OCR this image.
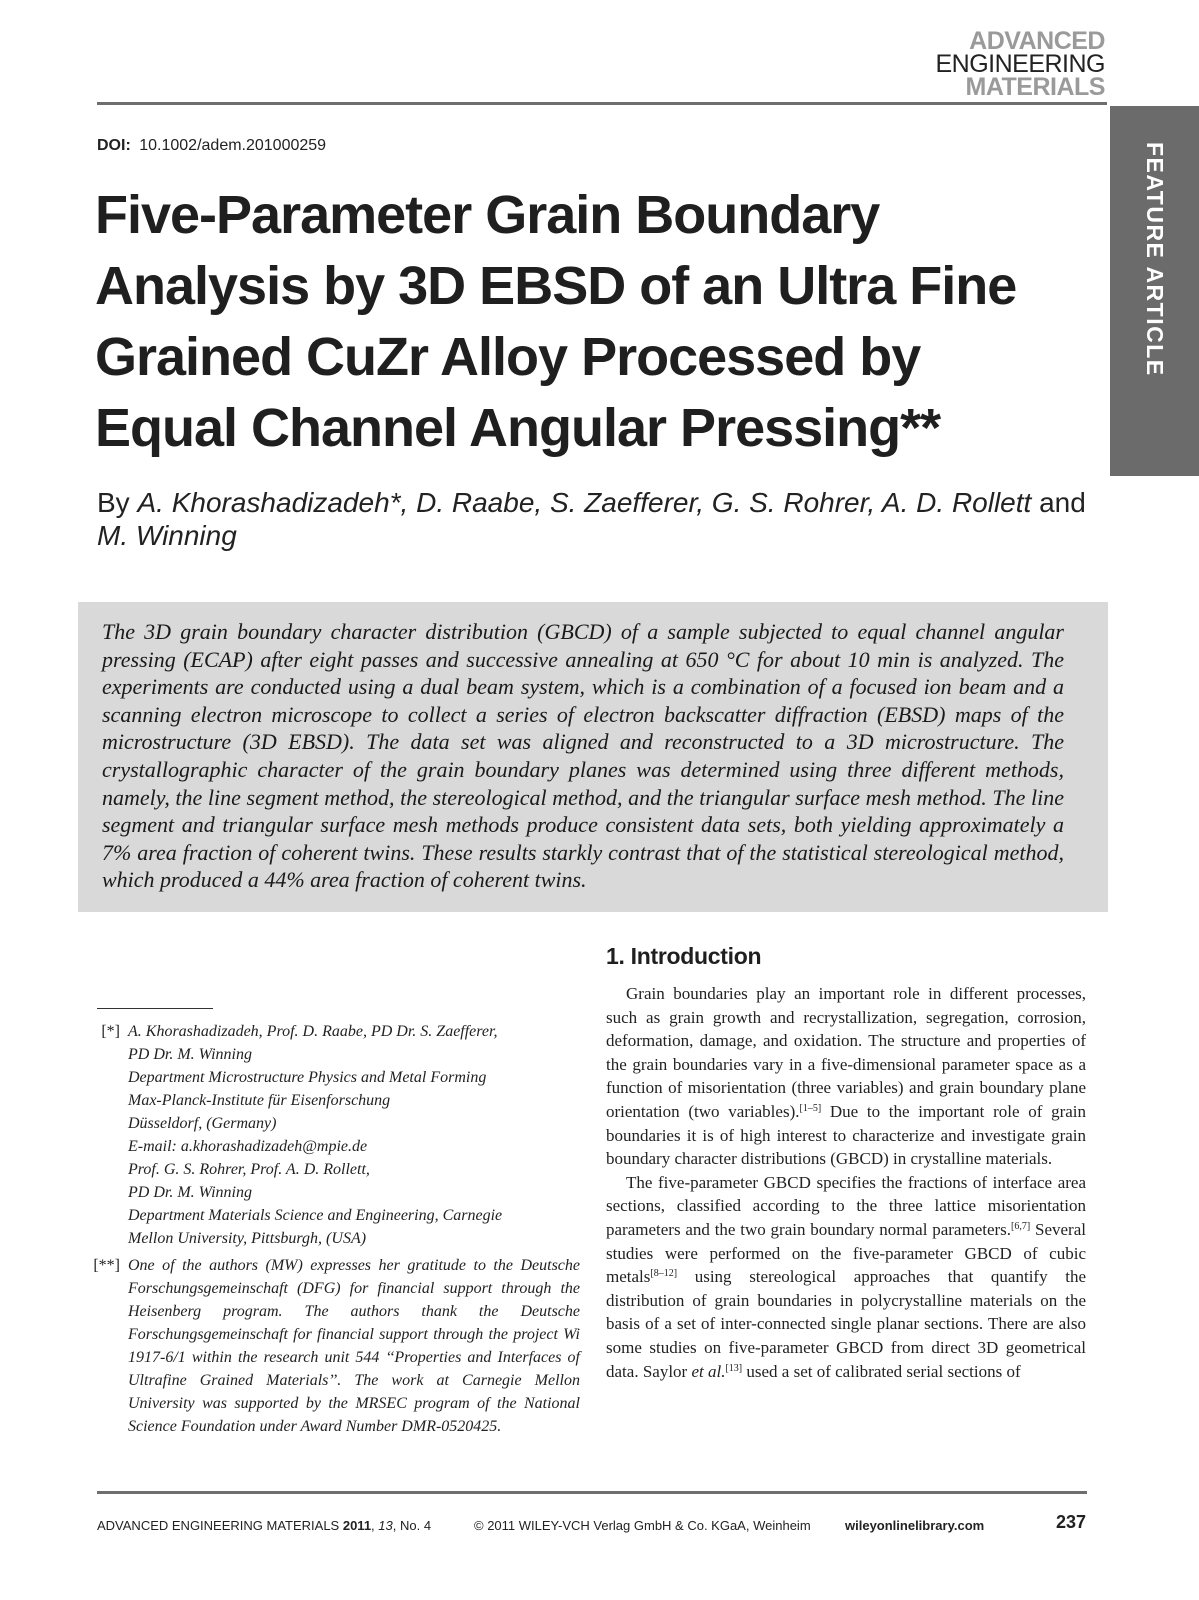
ADVANCED
ENGINEERING
MATERIALS
FEATURE ARTICLE
DOI: 10.1002/adem.201000259
Five-Parameter Grain Boundary
Analysis by 3D EBSD of an Ultra Fine
Grained CuZr Alloy Processed by
Equal Channel Angular Pressing**
By A. Khorashadizadeh*, D. Raabe, S. Zaefferer, G. S. Rohrer, A. D. Rollett and
M. Winning

The 3D grain boundary character distribution (GBCD) of a sample subjected to equal channel angular pressing (ECAP) after eight passes and successive annealing at 650 °C for about 10 min is analyzed. The experiments are conducted using a dual beam system, which is a combination of a focused ion beam and a scanning electron microscope to collect a series of electron backscatter diffraction (EBSD) maps of the microstructure (3D EBSD). The data set was aligned and reconstructed to a 3D microstructure. The crystallographic character of the grain boundary planes was determined using three different methods, namely, the line segment method, the stereological method, and the triangular surface mesh method. The line segment and triangular surface mesh methods produce consistent data sets, both yielding approximately a 7% area fraction of coherent twins. These results starkly contrast that of the statistical stereological method, which produced a 44% area fraction of coherent twins.

[*] A. Khorashadizadeh, Prof. D. Raabe, PD Dr. S. Zaefferer,
PD Dr. M. Winning
Department Microstructure Physics and Metal Forming
Max-Planck-Institute für Eisenforschung
Düsseldorf, (Germany)
E-mail: a.khorashadizadeh@mpie.de
Prof. G. S. Rohrer, Prof. A. D. Rollett,
PD Dr. M. Winning
Department Materials Science and Engineering, Carnegie
Mellon University, Pittsburgh, (USA)
[**] One of the authors (MW) expresses her gratitude to the Deutsche Forschungsgemeinschaft (DFG) for financial support through the Heisenberg program. The authors thank the Deutsche Forschungsgemeinschaft for financial support through the project Wi 1917-6/1 within the research unit 544 ‘‘Properties and Interfaces of Ultrafine Grained Materials’’. The work at Carnegie Mellon University was supported by the MRSEC program of the National Science Foundation under Award Number DMR-0520425.
1. Introduction

Grain boundaries play an important role in different processes, such as grain growth and recrystallization, segregation, corrosion, deformation, damage, and oxidation. The structure and properties of the grain boundaries vary in a five-dimensional parameter space as a function of misorientation (three variables) and grain boundary plane orientation (two variables).[1–5] Due to the important role of grain boundaries it is of high interest to characterize and investigate grain boundary character distributions (GBCD) in crystalline materials.

The five-parameter GBCD specifies the fractions of interface area sections, classified according to the three lattice misorientation parameters and the two grain boundary normal parameters.[6,7] Several studies were performed on the five-parameter GBCD of cubic metals[8–12] using stereological approaches that quantify the distribution of grain boundaries in polycrystalline materials on the basis of a set of inter-connected single planar sections. There are also some studies on five-parameter GBCD from direct 3D geometrical data. Saylor et al.[13] used a set of calibrated serial sections of

ADVANCED ENGINEERING MATERIALS 2011, 13, No. 4	© 2011 WILEY-VCH Verlag GmbH & Co. KGaA, Weinheim	wileyonlinelibrary.com	237
